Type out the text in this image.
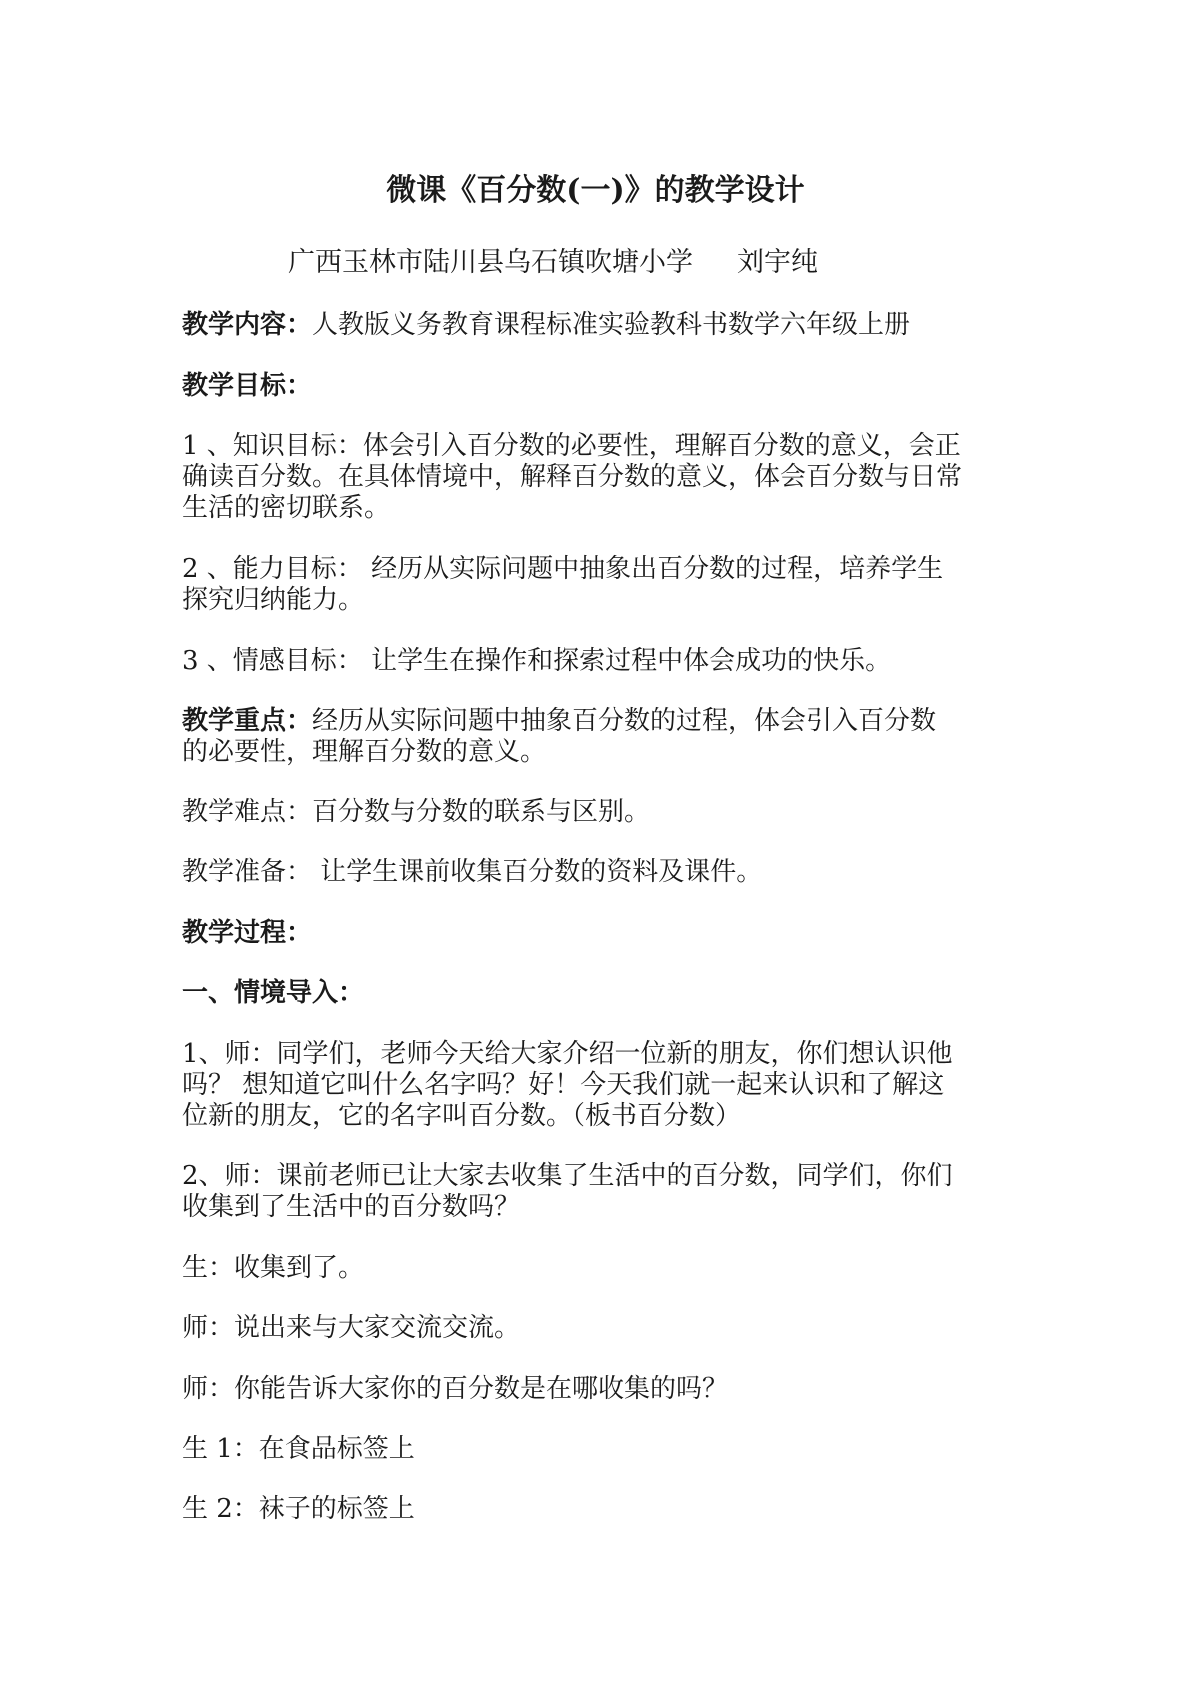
微课《百分数(一)》的教学设计
广西玉林市陆川县乌石镇吹塘小学 刘宇纯
教学内容：人教版义务教育课程标准实验教科书数学六年级上册
教学目标：
1 、知识目标：体会引入百分数的必要性，理解百分数的意义，会正
确读百分数。在具体情境中，解释百分数的意义，体会百分数与日常
生活的密切联系。
2 、能力目标： 经历从实际问题中抽象出百分数的过程，培养学生
探究归纳能力。
3 、情感目标： 让学生在操作和探索过程中体会成功的快乐。
教学重点：经历从实际问题中抽象百分数的过程，体会引入百分数
的必要性，理解百分数的意义。
教学难点：百分数与分数的联系与区别。
教学准备： 让学生课前收集百分数的资料及课件。
教学过程：
一、情境导入：
1、师：同学们，老师今天给大家介绍一位新的朋友，你们想认识他
吗？ 想知道它叫什么名字吗？好！今天我们就一起来认识和了解这
位新的朋友，它的名字叫百分数。（板书百分数）
2、师：课前老师已让大家去收集了生活中的百分数，同学们，你们
收集到了生活中的百分数吗？
生：收集到了。
师：说出来与大家交流交流。
师：你能告诉大家你的百分数是在哪收集的吗？
生 1：在食品标签上
生 2：袜子的标签上
